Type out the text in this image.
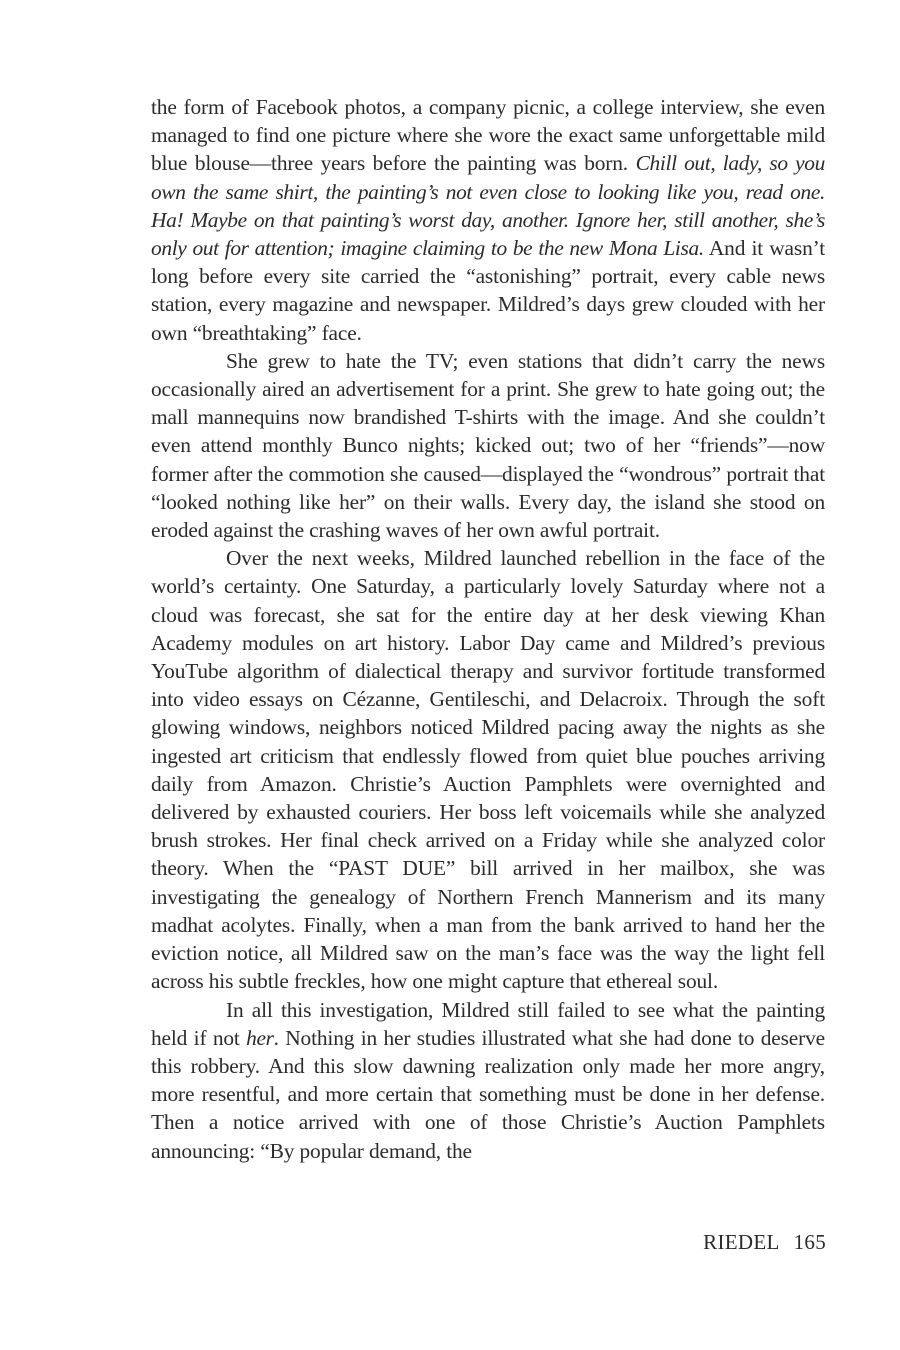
the form of Facebook photos, a company picnic, a college interview, she even managed to find one picture where she wore the exact same unforgettable mild blue blouse—three years before the painting was born. Chill out, lady, so you own the same shirt, the painting’s not even close to looking like you, read one. Ha! Maybe on that painting’s worst day, another. Ignore her, still another, she’s only out for attention; imagine claiming to be the new Mona Lisa. And it wasn’t long before every site carried the “astonishing” portrait, every cable news station, every magazine and newspaper. Mildred’s days grew clouded with her own “breathtaking” face.

She grew to hate the TV; even stations that didn’t carry the news occasionally aired an advertisement for a print. She grew to hate going out; the mall mannequins now brandished T-shirts with the image. And she couldn’t even attend monthly Bunco nights; kicked out; two of her “friends”—now former after the commotion she caused—displayed the “wondrous” portrait that “looked nothing like her” on their walls. Every day, the island she stood on eroded against the crashing waves of her own awful portrait.

Over the next weeks, Mildred launched rebellion in the face of the world’s certainty. One Saturday, a particularly lovely Saturday where not a cloud was forecast, she sat for the entire day at her desk viewing Khan Academy modules on art history. Labor Day came and Mildred’s previous YouTube algorithm of dialectical therapy and survivor fortitude transformed into video essays on Cézanne, Gentileschi, and Delacroix. Through the soft glowing windows, neighbors noticed Mildred pacing away the nights as she ingested art criticism that endlessly flowed from quiet blue pouches arriving daily from Amazon. Christie’s Auction Pamphlets were overnighted and delivered by exhausted couriers. Her boss left voicemails while she analyzed brush strokes. Her final check arrived on a Friday while she analyzed color theory. When the “PAST DUE” bill arrived in her mailbox, she was investigating the genealogy of Northern French Mannerism and its many madhat acolytes. Finally, when a man from the bank arrived to hand her the eviction notice, all Mildred saw on the man’s face was the way the light fell across his subtle freckles, how one might capture that ethereal soul.

In all this investigation, Mildred still failed to see what the painting held if not her. Nothing in her studies illustrated what she had done to deserve this robbery. And this slow dawning realization only made her more angry, more resentful, and more certain that something must be done in her defense. Then a notice arrived with one of those Christie’s Auction Pamphlets announcing: “By popular demand, the

RIEDEL 165
